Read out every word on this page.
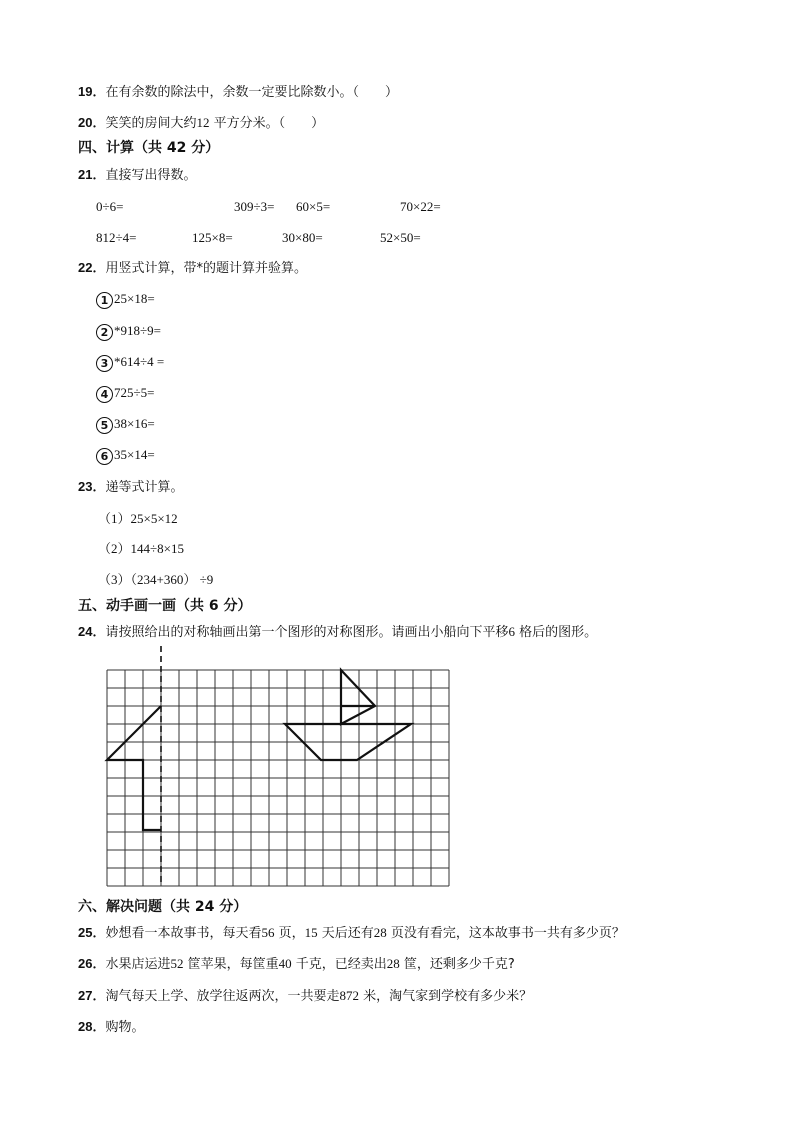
19．在有余数的除法中，余数一定要比除数小。（　　）
20．笑笑的房间大约12 平方分米。（　　）
四、计算（共 42 分）
21．直接写出得数。
0÷6=	309÷3= 60×5=	70×22=
812÷4=	125×8=	30×80=	52×50=
22．用竖式计算，带*的题计算并验算。
1 25×18=
2 *918÷9=
3 *614÷4 =
4 725÷5=
5 38×16=
6 35×14=
23．递等式计算。
（1）25×5×12
（2）144÷8×15
（3）（234+360） ÷9
五、动手画一画（共 6 分）
24．请按照给出的对称轴画出第一个图形的对称图形。请画出小船向下平移6 格后的图形。
六、解决问题（共 24 分）
25．妙想看一本故事书，每天看56 页，15 天后还有28 页没有看完，这本故事书一共有多少页？
26．水果店运进52 筐苹果，每筐重40 千克，已经卖出28 筐，还剩多少千克?
27．淘气每天上学、放学往返两次，一共要走872 米，淘气家到学校有多少米？
28．购物。
